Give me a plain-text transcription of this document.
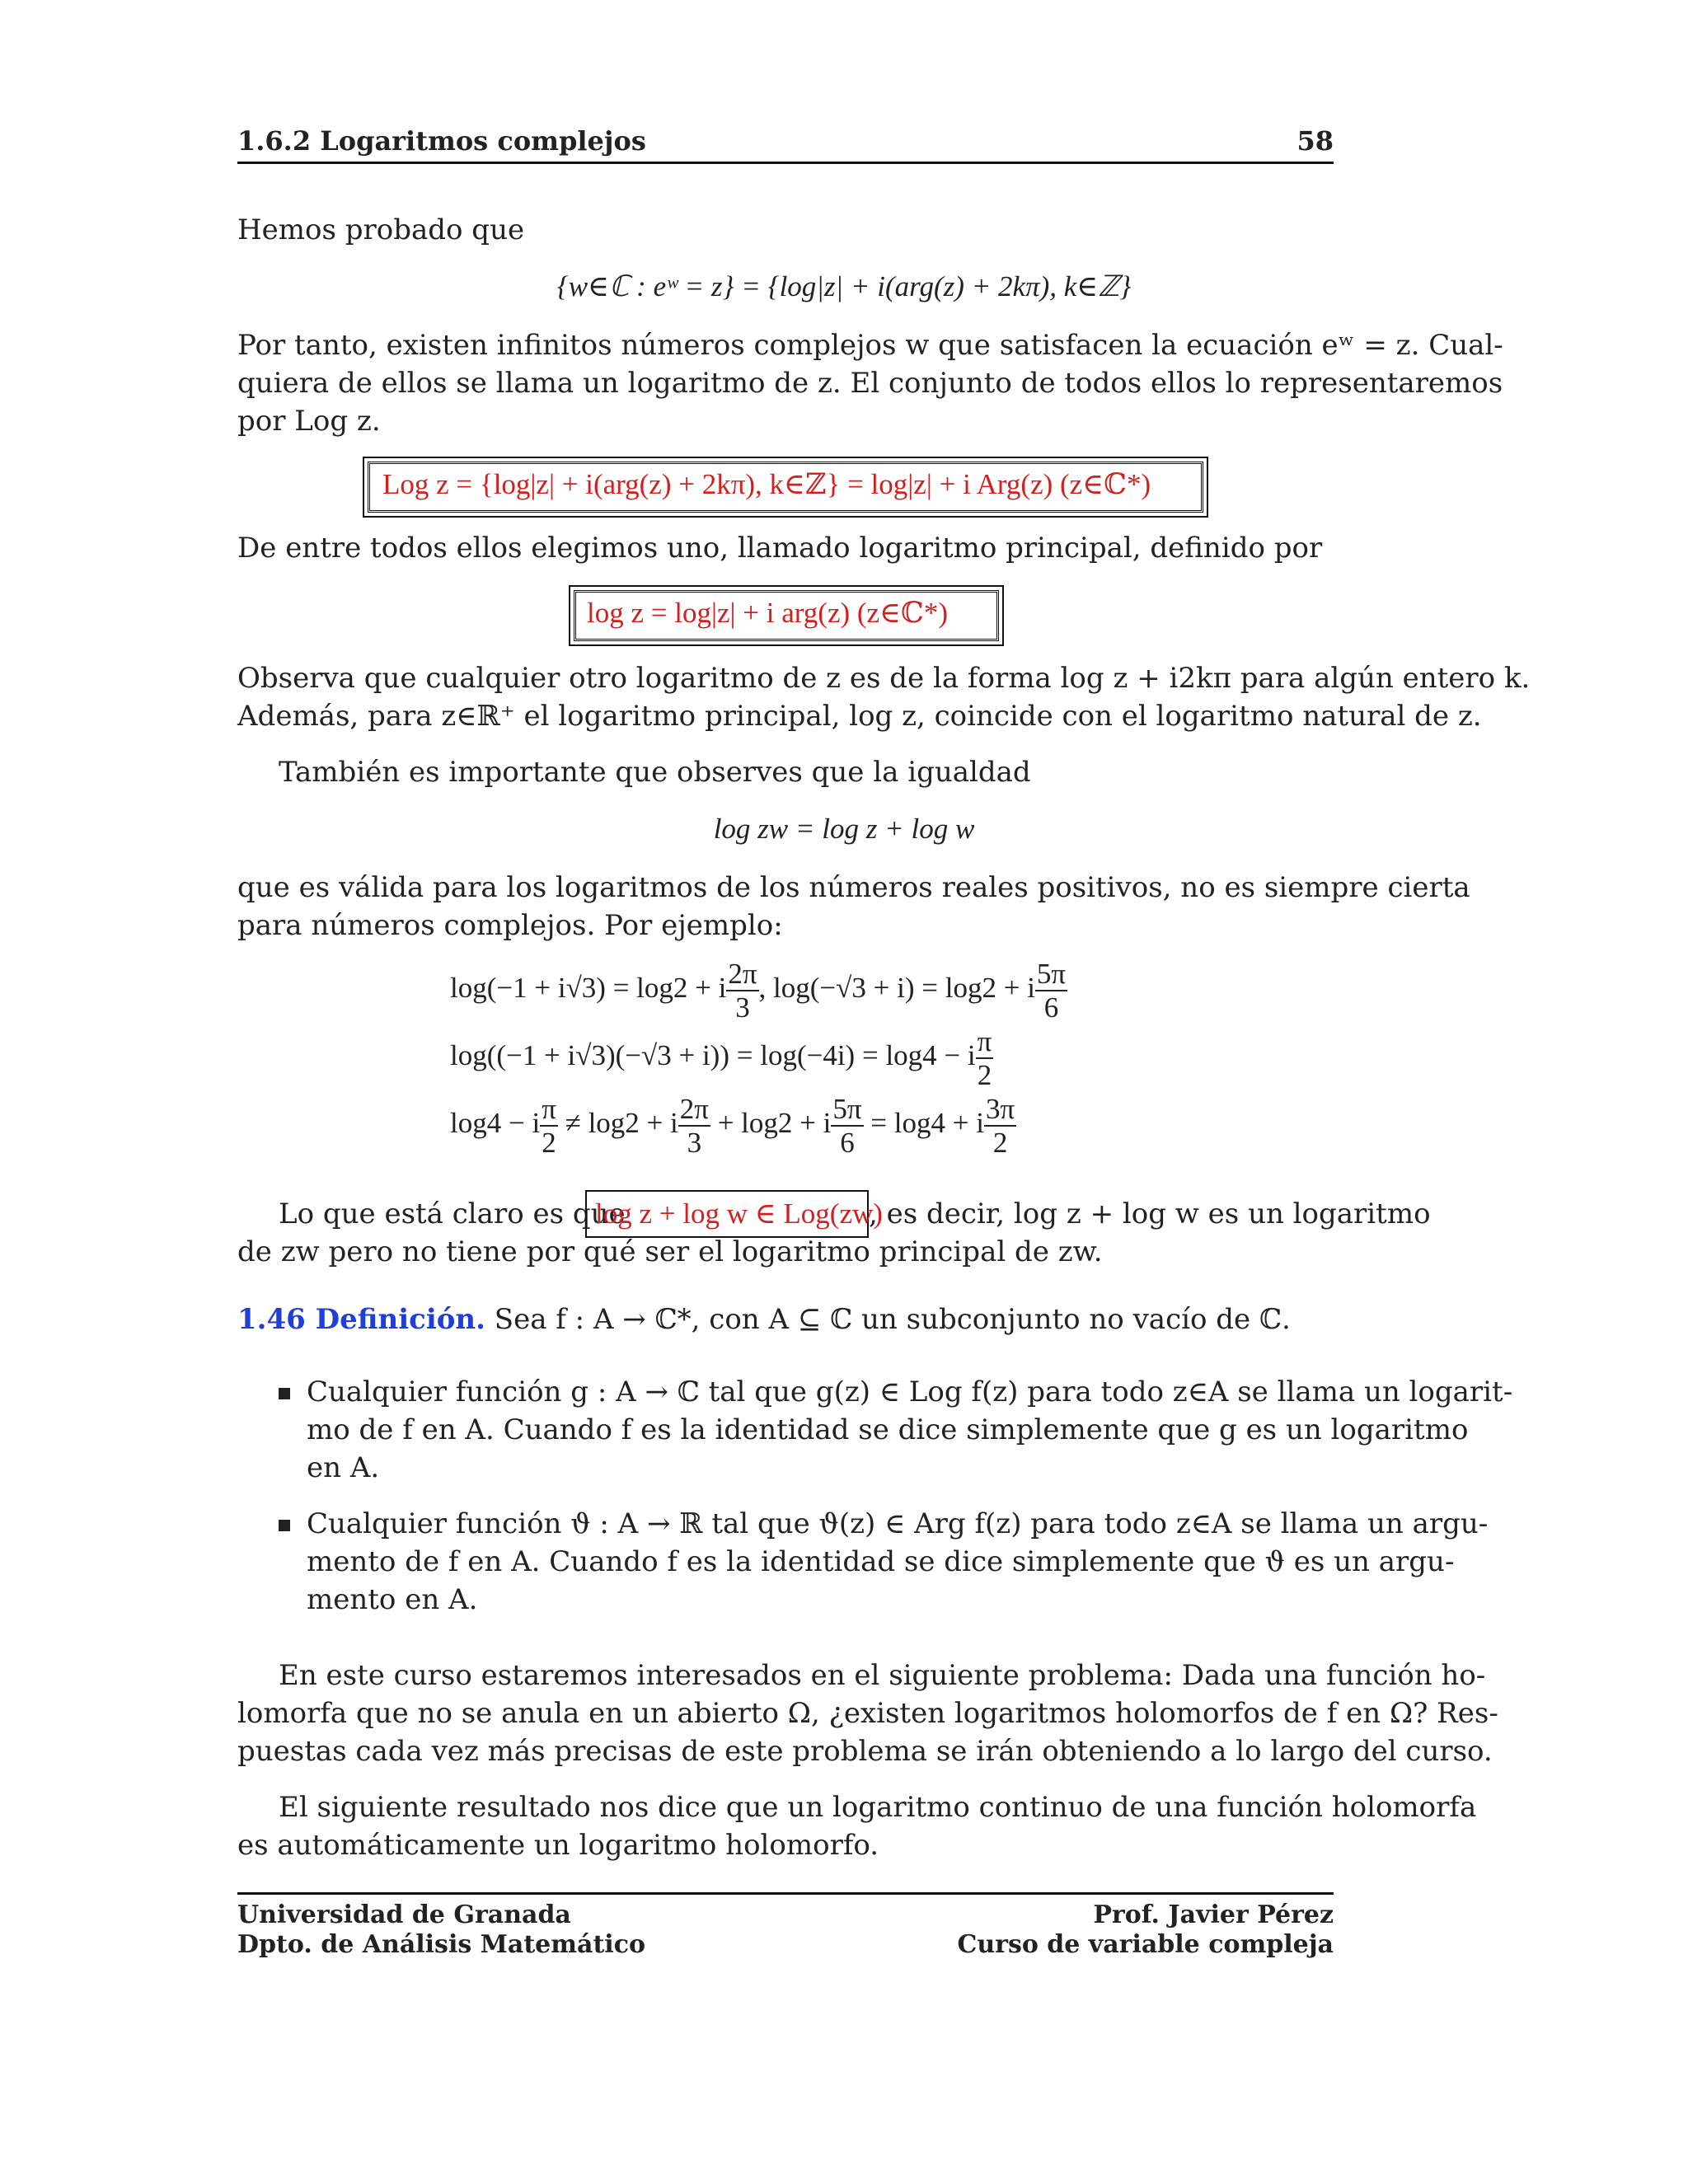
1.6.2 Logaritmos complejos	58
Hemos probado que
{w∈ℂ : eʷ = z} = {log|z| + i(arg(z) + 2kπ), k∈ℤ}
Por tanto, existen infinitos números complejos w que satisfacen la ecuación eʷ = z. Cual-
quiera de ellos se llama un logaritmo de z. El conjunto de todos ellos lo representaremos
por Log z.
Log z = {log|z| + i(arg(z) + 2kπ), k∈ℤ} = log|z| + i Arg(z) (z∈ℂ*)
De entre todos ellos elegimos uno, llamado logaritmo principal, definido por
log z = log|z| + i arg(z) (z∈ℂ*)
Observa que cualquier otro logaritmo de z es de la forma log z + i2kπ para algún entero k.
Además, para z∈ℝ⁺ el logaritmo principal, log z, coincide con el logaritmo natural de z.
También es importante que observes que la igualdad
log zw = log z + log w
que es válida para los logaritmos de los números reales positivos, no es siempre cierta
para números complejos. Por ejemplo:
log(−1 + i√3) = log2 + i $\frac{2\pi}{3}$ , log(−√3 + i) = log2 + i $\frac{5\pi}{6}$
log((−1 + i√3)(−√3 + i)) = log(−4i) = log4 − i $\frac{\pi}{2}$
log4 − i $\frac{\pi}{2} \ne \log 2 + i \frac{2\pi}{3} + \log 2 + i \frac{5\pi}{6} = \log 4 + i \frac{3\pi}{2}$
Lo que está claro es que
log z + log w ∈ Log(zw)
, es decir, log z + log w es un logaritmo
de zw pero no tiene por qué ser el logaritmo principal de zw.
1.46 Definición. Sea f : A → ℂ*, con A ⊆ ℂ un subconjunto no vacío de ℂ.
Cualquier función g : A → ℂ tal que g(z) ∈ Log f(z) para todo z∈A se llama un logarit-
mo de f en A. Cuando f es la identidad se dice simplemente que g es un logaritmo
en A.
Cualquier función ϑ : A → ℝ tal que ϑ(z) ∈ Arg f(z) para todo z∈A se llama un argu-
mento de f en A. Cuando f es la identidad se dice simplemente que ϑ es un argu-
mento en A.
En este curso estaremos interesados en el siguiente problema: Dada una función ho-
lomorfa que no se anula en un abierto Ω, ¿existen logaritmos holomorfos de f en Ω? Res-
puestas cada vez más precisas de este problema se irán obteniendo a lo largo del curso.
El siguiente resultado nos dice que un logaritmo continuo de una función holomorfa
es automáticamente un logaritmo holomorfo.
Universidad de Granada
Dpto. de Análisis Matemático
Prof. Javier Pérez
Curso de variable compleja
